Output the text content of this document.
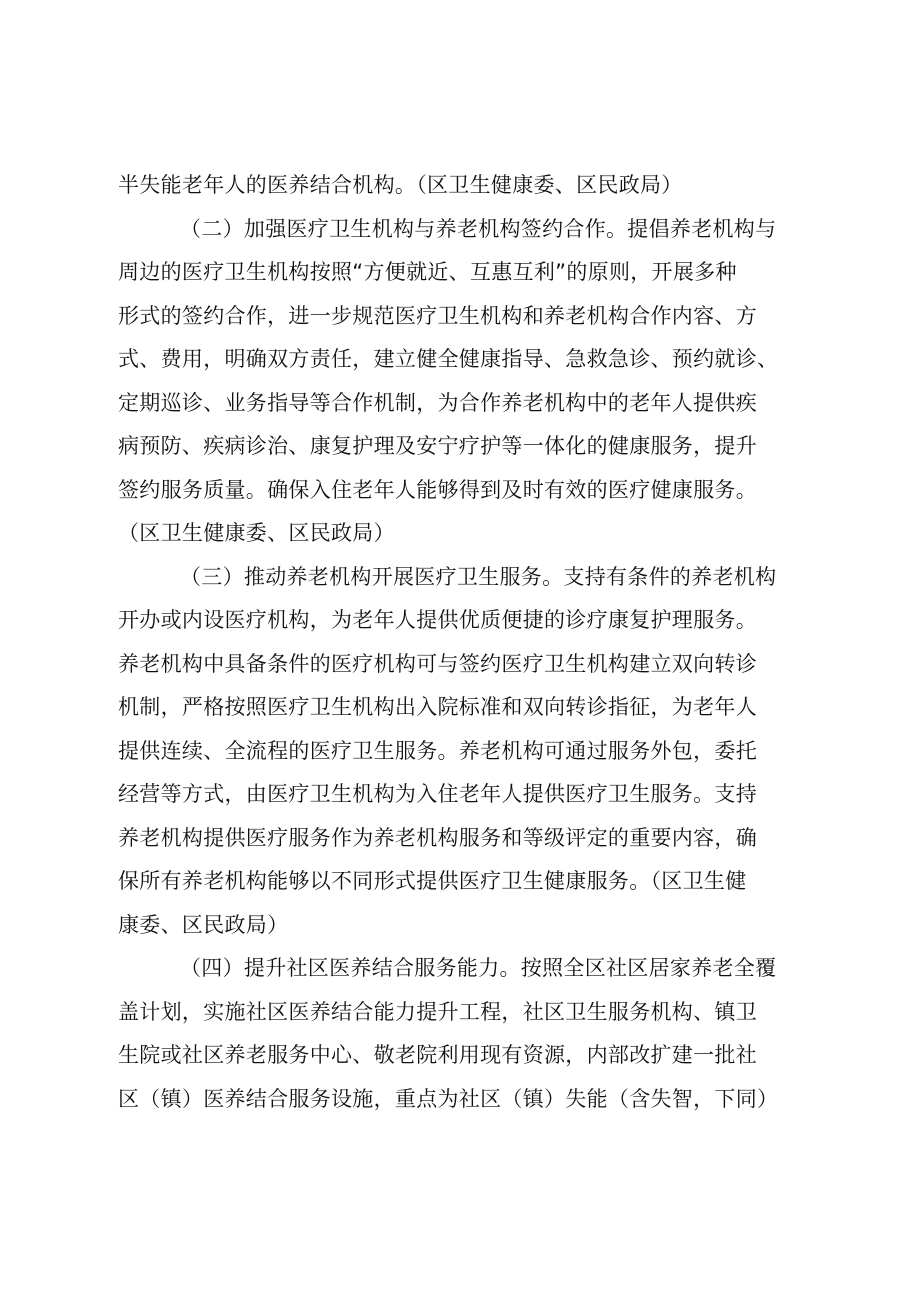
半失能老年人的医养结合机构。（区卫生健康委、区民政局）
（二）加强医疗卫生机构与养老机构签约合作。提倡养老机构与
周边的医疗卫生机构按照“方便就近、互惠互利”的原则，开展多种
形式的签约合作，进一步规范医疗卫生机构和养老机构合作内容、方
式、费用，明确双方责任，建立健全健康指导、急救急诊、预约就诊、
定期巡诊、业务指导等合作机制，为合作养老机构中的老年人提供疾
病预防、疾病诊治、康复护理及安宁疗护等一体化的健康服务，提升
签约服务质量。确保入住老年人能够得到及时有效的医疗健康服务。
（区卫生健康委、区民政局）
（三）推动养老机构开展医疗卫生服务。支持有条件的养老机构
开办或内设医疗机构，为老年人提供优质便捷的诊疗康复护理服务。
养老机构中具备条件的医疗机构可与签约医疗卫生机构建立双向转诊
机制，严格按照医疗卫生机构出入院标准和双向转诊指征，为老年人
提供连续、全流程的医疗卫生服务。养老机构可通过服务外包，委托
经营等方式，由医疗卫生机构为入住老年人提供医疗卫生服务。支持
养老机构提供医疗服务作为养老机构服务和等级评定的重要内容，确
保所有养老机构能够以不同形式提供医疗卫生健康服务。（区卫生健
康委、区民政局）
（四）提升社区医养结合服务能力。按照全区社区居家养老全覆
盖计划，实施社区医养结合能力提升工程，社区卫生服务机构、镇卫
生院或社区养老服务中心、敬老院利用现有资源，内部改扩建一批社
区（镇）医养结合服务设施，重点为社区（镇）失能（含失智，下同）
